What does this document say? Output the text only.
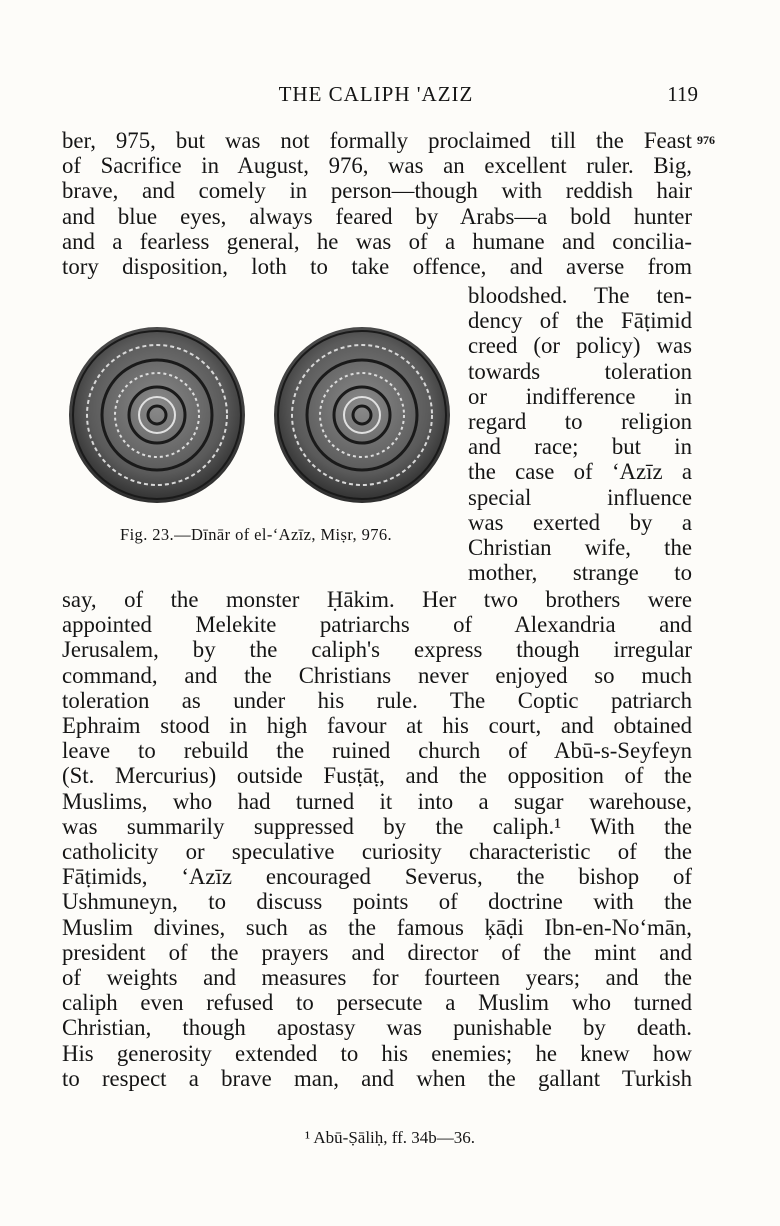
THE CALIPH 'AZIZ	119
976
ber, 975, but was not formally proclaimed till the Feast
of Sacrifice in August, 976, was an excellent ruler. Big,
brave, and comely in person—though with reddish hair
and blue eyes, always feared by Arabs—a bold hunter
and a fearless general, he was of a humane and concilia-
tory disposition, loth to take offence, and averse from
Fig. 23.—Dīnār of el-‘Azīz, Miṣr, 976.
bloodshed. The ten-
dency of the Fāṭimid
creed (or policy) was
towards toleration
or indifference in
regard to religion
and race; but in
the case of ‘Azīz a
special influence
was exerted by a
Christian wife, the
mother, strange to
say, of the monster Ḥākim. Her two brothers were
appointed Melekite patriarchs of Alexandria and
Jerusalem, by the caliph's express though irregular
command, and the Christians never enjoyed so much
toleration as under his rule. The Coptic patriarch
Ephraim stood in high favour at his court, and obtained
leave to rebuild the ruined church of Abū-s-Seyfeyn
(St. Mercurius) outside Fusṭāṭ, and the opposition of the
Muslims, who had turned it into a sugar warehouse,
was summarily suppressed by the caliph.¹ With the
catholicity or speculative curiosity characteristic of the
Fāṭimids, ‘Azīz encouraged Severus, the bishop of
Ushmuneyn, to discuss points of doctrine with the
Muslim divines, such as the famous ķāḍi Ibn-en-No‘mān,
president of the prayers and director of the mint and
of weights and measures for fourteen years; and the
caliph even refused to persecute a Muslim who turned
Christian, though apostasy was punishable by death.
His generosity extended to his enemies; he knew how
to respect a brave man, and when the gallant Turkish
¹ Abū-Ṣāliḥ, ff. 34b—36.
